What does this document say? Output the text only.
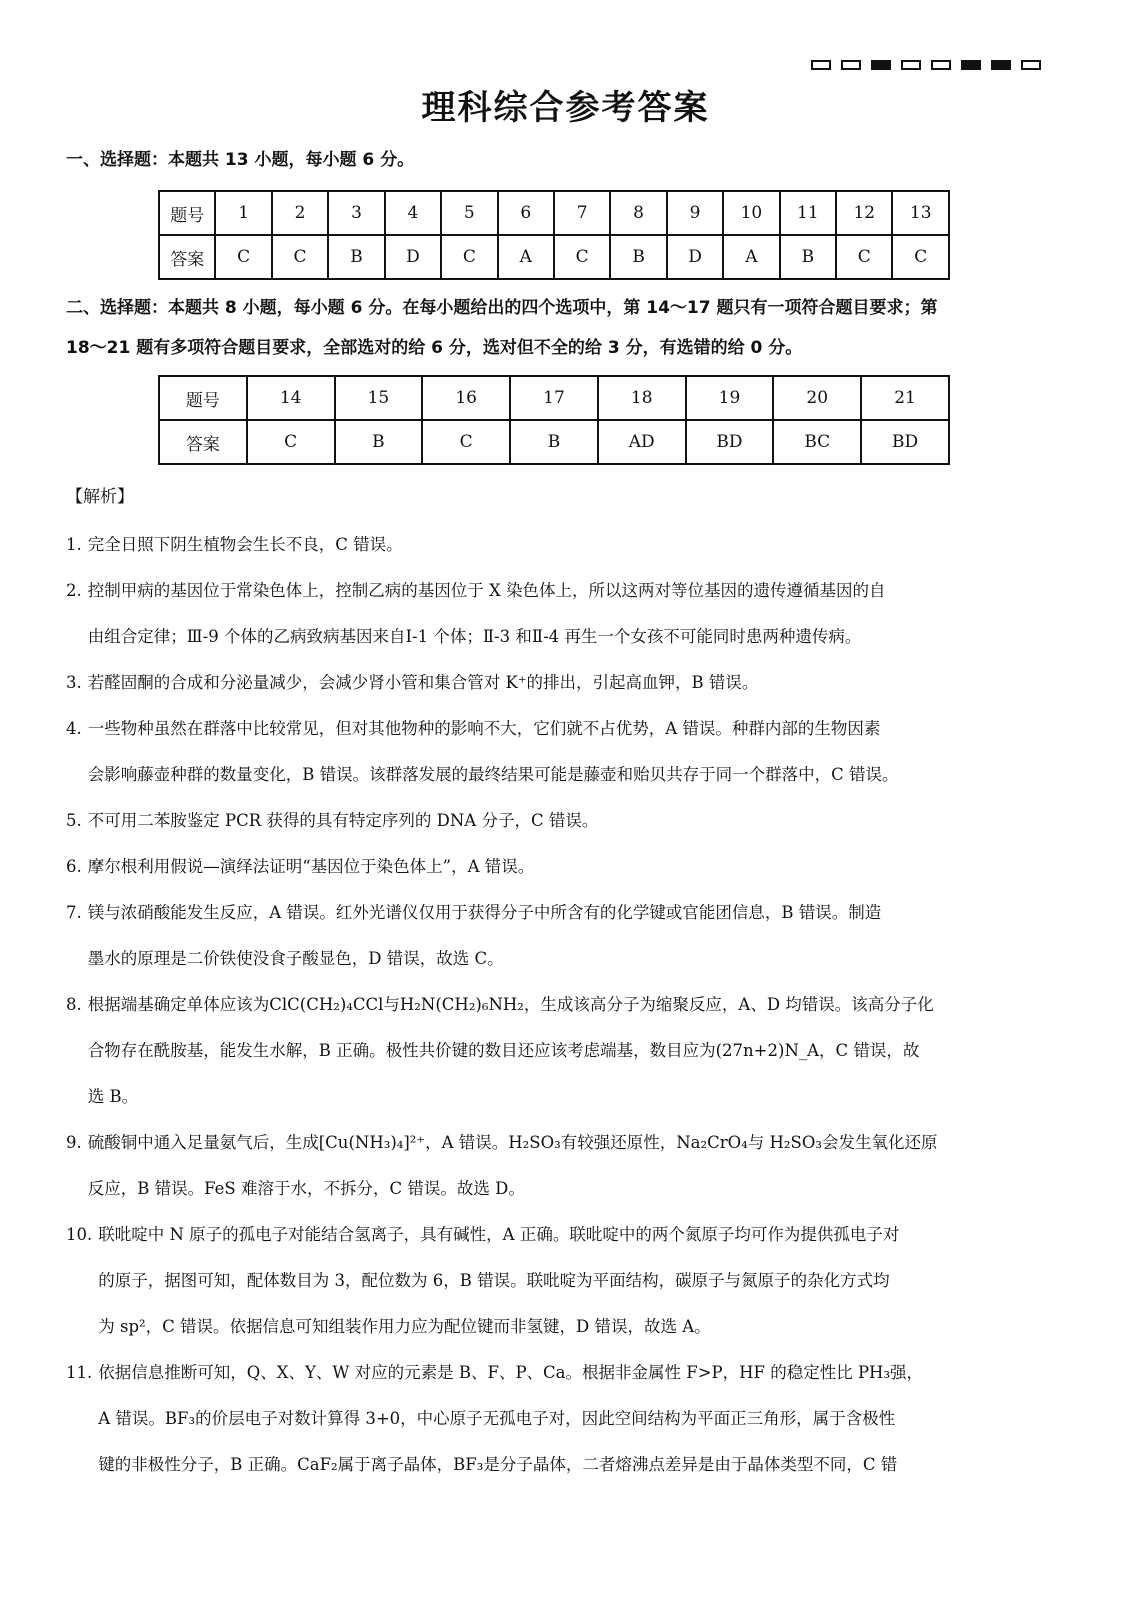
理科综合参考答案
一、选择题：本题共 13 小题，每小题 6 分。
题号	1	2	3	4	5	6	7	8	9	10	11	12	13
答案	C	C	B	D	C	A	C	B	D	A	B	C	C
二、选择题：本题共 8 小题，每小题 6 分。在每小题给出的四个选项中，第 14～17 题只有一项符合题目要求；第
18～21 题有多项符合题目要求，全部选对的给 6 分，选对但不全的给 3 分，有选错的给 0 分。
题号	14	15	16	17	18	19	20	21
答案	C	B	C	B	AD	BD	BC	BD
【解析】
1. 完全日照下阴生植物会生长不良，C 错误。
2. 控制甲病的基因位于常染色体上，控制乙病的基因位于 X 染色体上，所以这两对等位基因的遗传遵循基因的自
由组合定律；Ⅲ-9 个体的乙病致病基因来自Ⅰ-1 个体；Ⅱ-3 和Ⅱ-4 再生一个女孩不可能同时患两种遗传病。
3. 若醛固酮的合成和分泌量减少，会减少肾小管和集合管对 K⁺的排出，引起高血钾，B 错误。
4. 一些物种虽然在群落中比较常见，但对其他物种的影响不大，它们就不占优势，A 错误。种群内部的生物因素
会影响藤壶种群的数量变化，B 错误。该群落发展的最终结果可能是藤壶和贻贝共存于同一个群落中，C 错误。
5. 不可用二苯胺鉴定 PCR 获得的具有特定序列的 DNA 分子，C 错误。
6. 摩尔根利用假说—演绎法证明“基因位于染色体上”，A 错误。
7. 镁与浓硝酸能发生反应，A 错误。红外光谱仪仅用于获得分子中所含有的化学键或官能团信息，B 错误。制造
墨水的原理是二价铁使没食子酸显色，D 错误，故选 C。
8. 根据端基确定单体应该为ClC(CH₂)₄CCl与H₂N(CH₂)₆NH₂，生成该高分子为缩聚反应，A、D 均错误。该高分子化
合物存在酰胺基，能发生水解，B 正确。极性共价键的数目还应该考虑端基，数目应为(27n+2)N_A，C 错误，故
选 B。
9. 硫酸铜中通入足量氨气后，生成[Cu(NH₃)₄]²⁺，A 错误。H₂SO₃有较强还原性，Na₂CrO₄与 H₂SO₃会发生氧化还原
反应，B 错误。FeS 难溶于水，不拆分，C 错误。故选 D。
10. 联吡啶中 N 原子的孤电子对能结合氢离子，具有碱性，A 正确。联吡啶中的两个氮原子均可作为提供孤电子对
的原子，据图可知，配体数目为 3，配位数为 6，B 错误。联吡啶为平面结构，碳原子与氮原子的杂化方式均
为 sp²，C 错误。依据信息可知组装作用力应为配位键而非氢键，D 错误，故选 A。
11. 依据信息推断可知，Q、X、Y、W 对应的元素是 B、F、P、Ca。根据非金属性 F>P，HF 的稳定性比 PH₃强，
A 错误。BF₃的价层电子对数计算得 3+0，中心原子无孤电子对，因此空间结构为平面正三角形，属于含极性
键的非极性分子，B 正确。CaF₂属于离子晶体，BF₃是分子晶体，二者熔沸点差异是由于晶体类型不同，C 错
